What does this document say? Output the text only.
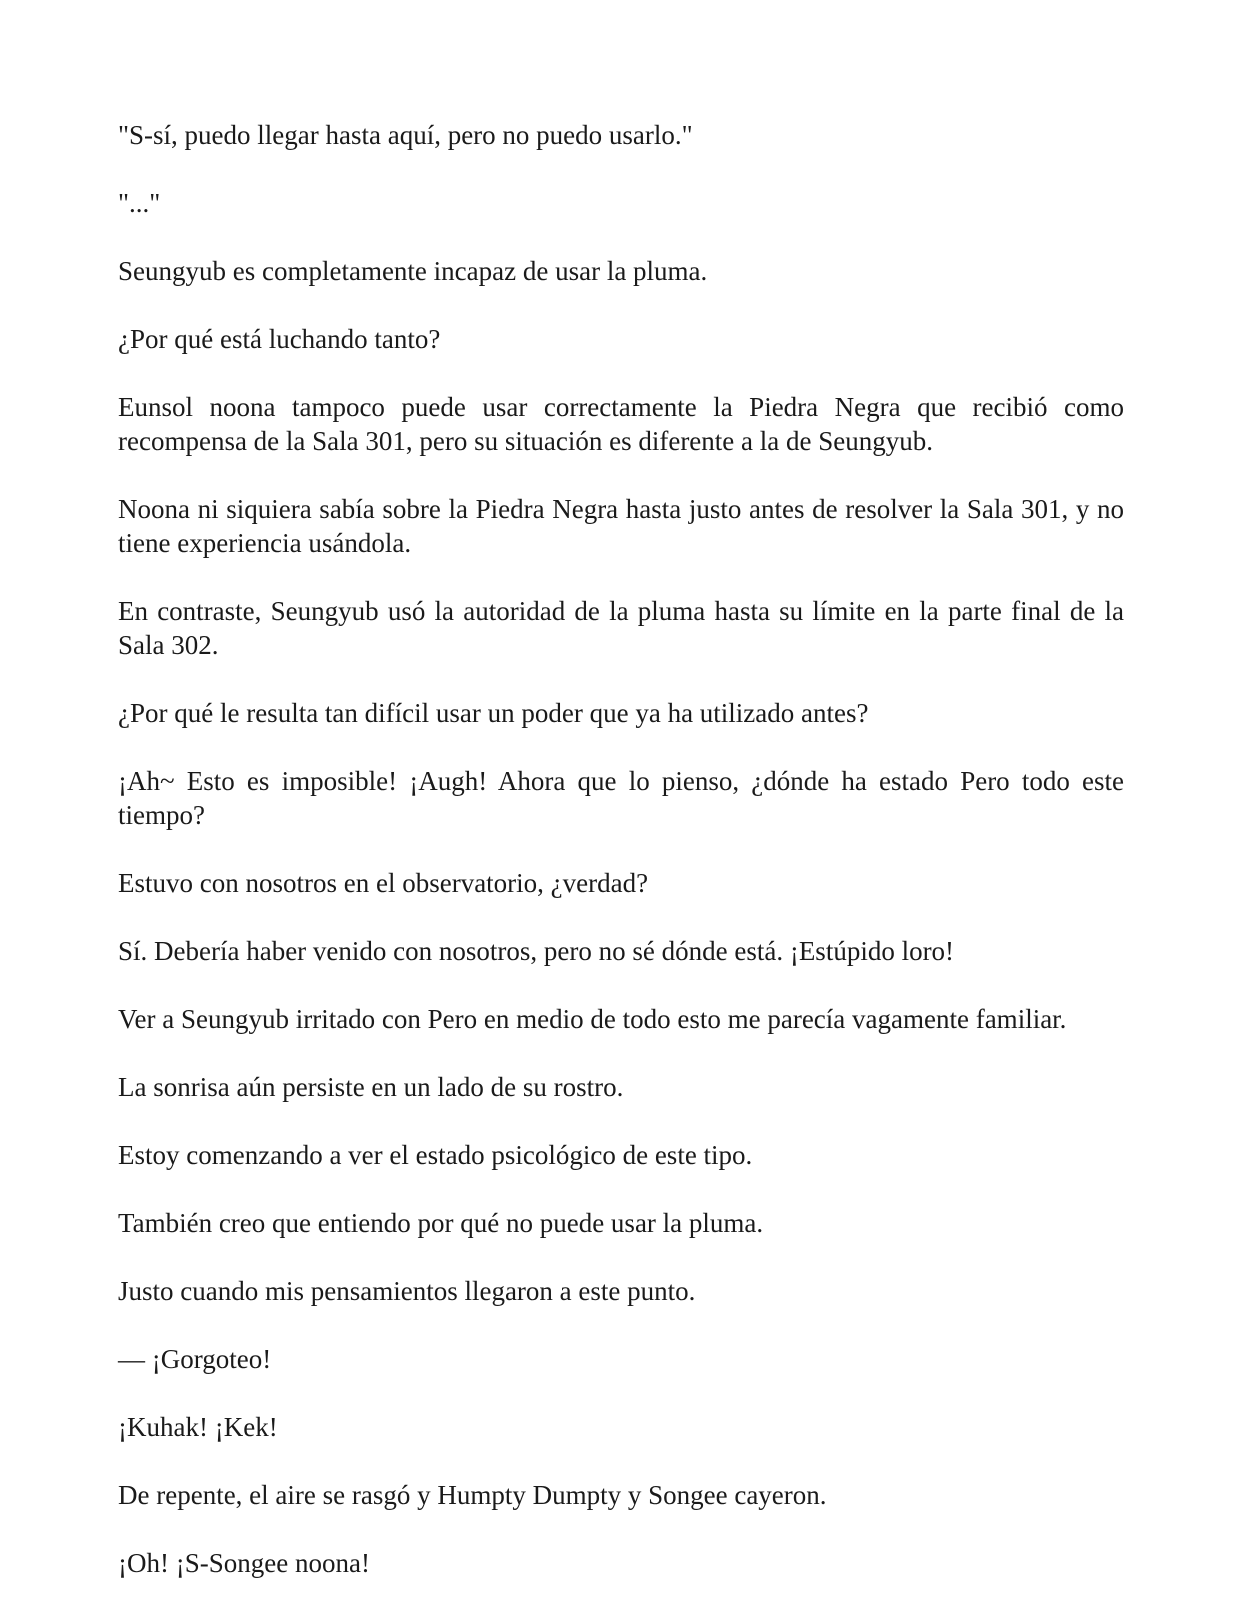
"S-sí, puedo llegar hasta aquí, pero no puedo usarlo."

"..."

Seungyub es completamente incapaz de usar la pluma.

¿Por qué está luchando tanto?

Eunsol noona tampoco puede usar correctamente la Piedra Negra que recibió como recompensa de la Sala 301, pero su situación es diferente a la de Seungyub.

Noona ni siquiera sabía sobre la Piedra Negra hasta justo antes de resolver la Sala 301, y no tiene experiencia usándola.

En contraste, Seungyub usó la autoridad de la pluma hasta su límite en la parte final de la Sala 302.

¿Por qué le resulta tan difícil usar un poder que ya ha utilizado antes?

¡Ah~ Esto es imposible! ¡Augh! Ahora que lo pienso, ¿dónde ha estado Pero todo este tiempo?

Estuvo con nosotros en el observatorio, ¿verdad?

Sí. Debería haber venido con nosotros, pero no sé dónde está. ¡Estúpido loro!

Ver a Seungyub irritado con Pero en medio de todo esto me parecía vagamente familiar.

La sonrisa aún persiste en un lado de su rostro.

Estoy comenzando a ver el estado psicológico de este tipo.

También creo que entiendo por qué no puede usar la pluma.

Justo cuando mis pensamientos llegaron a este punto.

— ¡Gorgoteo!

¡Kuhak! ¡Kek!

De repente, el aire se rasgó y Humpty Dumpty y Songee cayeron.

¡Oh! ¡S-Songee noona!
